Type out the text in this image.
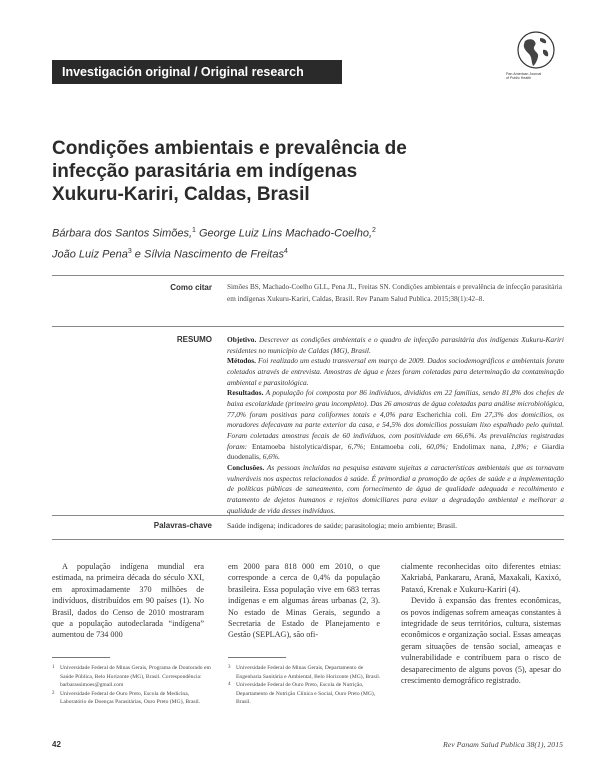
Investigación original / Original research	Pan American Journal
of Public Health
Condições ambientais e prevalência de
infecção parasitária em indígenas
Xukuru-Kariri, Caldas, Brasil
Bárbara dos Santos Simões,$^1$ George Luiz Lins Machado-Coelho,$^2$
João Luiz Pena$^3$ e Sílvia Nascimento de Freitas$^4$
Como citar Simões BS, Machado-Coelho GLL, Pena JL, Freitas SN. Condições ambientais e prevalência de infecção parasitária em indígenas Xukuru-Kariri, Caldas, Brasil. Rev Panam Salud Publica. 2015;38(1):42–8.
RESUMO Objetivo. Descrever as condições ambientais e o quadro de infecção parasitária dos indígenas Xukuru-Kariri residentes no município de Caldas (MG), Brasil.
Métodos. Foi realizado um estudo transversal em março de 2009. Dados sociodemográficos e ambientais foram coletados através de entrevista. Amostras de água e fezes foram coletadas para determinação da contaminação ambiental e parasitológica.
Resultados. A população foi composta por 86 indivíduos, divididos em 22 famílias, sendo 81,8% dos chefes de baixa escolaridade (primeiro grau incompleto). Das 26 amostras de água coletadas para análise microbiológica, 77,0% foram positivas para coliformes totais e 4,0% para Escherichia coli. Em 27,3% dos domicílios, os moradores defecavam na parte exterior da casa, e 54,5% dos domicílios possuíam lixo espalhado pelo quintal. Foram coletadas amostras fecais de 60 indivíduos, com positividade em 66,6%. As prevalências registradas foram: Entamoeba histolytica/dispar, 6,7%; Entamoeba coli, 60,0%; Endolimax nana, 1,8%; e Giardia duodenalis, 6,6%.
Conclusões. As pessoas incluídas na pesquisa estavam sujeitas a características ambientais que as tornavam vulneráveis nos aspectos relacionados à saúde. É primordial a promoção de ações de saúde e a implementação de políticas públicas de saneamento, com fornecimento de água de qualidade adequada e recolhimento e tratamento de dejetos humanos e rejeitos domiciliares para evitar a degradação ambiental e melhorar a qualidade de vida desses indivíduos.
Palavras-chave Saúde indígena; indicadores de saúde; parasitologia; meio ambiente; Brasil.
A população indígena mundial era estimada, na primeira década do século XXI, em aproximadamente 370 milhões de indivíduos, distribuídos em 90 países (1). No Brasil, dados do Censo de 2010 mostraram que a população autodeclarada “indígena” aumentou de 734 000
em 2000 para 818 000 em 2010, o que corresponde a cerca de 0,4% da população brasileira. Essa população vive em 683 terras indígenas e em algumas áreas urbanas (2, 3). No estado de Minas Gerais, segundo a Secretaria de Estado de Planejamento e Gestão (SEPLAG), são ofi-
cialmente reconhecidas oito diferentes etnias: Xakriabá, Pankararu, Aranã, Maxakali, Kaxixó, Pataxó, Krenak e Xukuru-Kariri (4).
Devido à expansão das frentes econômicas, os povos indígenas sofrem ameaças constantes à integridade de seus territórios, cultura, sistemas econômicos e organização social. Essas ameaças geram situações de tensão social, ameaças e vulnerabilidade e contribuem para o risco de desaparecimento de alguns povos (5), apesar do crescimento demográfico registrado.
1 Universidade Federal de Minas Gerais, Programa de Doutorado em Saúde Pública, Belo Horizonte (MG), Brasil. Correspondência: barbarassimoes@gmail.com
2 Universidade Federal de Ouro Preto, Escola de Medicina, Laboratório de Doenças Parasitárias, Ouro Preto (MG), Brasil.
3 Universidade Federal de Minas Gerais, Departamento de Engenharia Sanitária e Ambiental, Belo Horizonte (MG), Brasil.
4 Universidade Federal de Ouro Preto, Escola de Nutrição, Departamento de Nutrição Clínica e Social, Ouro Preto (MG), Brasil.
42	Rev Panam Salud Publica 38(1), 2015
